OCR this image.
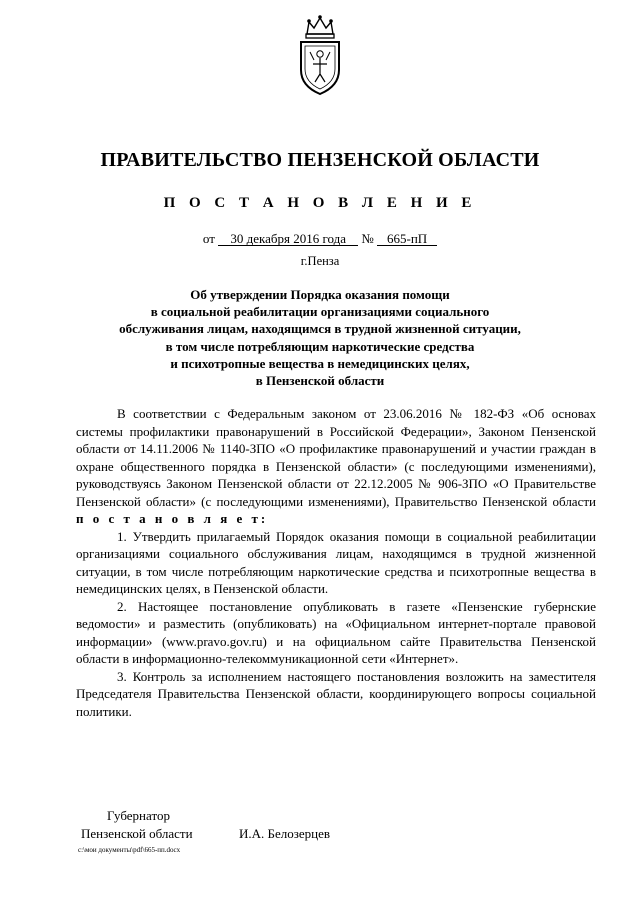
ПРАВИТЕЛЬСТВО ПЕНЗЕНСКОЙ ОБЛАСТИ
П О С Т А Н О В Л Е Н И Е
от 30 декабря 2016 года № 665-пП
г.Пенза
Об утверждении Порядка оказания помощи
в социальной реабилитации организациями социального
обслуживания лицам, находящимся в трудной жизненной ситуации,
в том числе потребляющим наркотические средства
и психотропные вещества в немедицинских целях,
в Пензенской области

В соответствии с Федеральным законом от 23.06.2016 № 182-ФЗ «Об основах системы профилактики правонарушений в Российской Федерации», Законом Пензенской области от 14.11.2006 № 1140-ЗПО «О профилактике правонарушений и участии граждан в охране общественного порядка в Пензенской области» (с последующими изменениями), руководствуясь Законом Пензенской области от 22.12.2005 № 906-ЗПО «О Правительстве Пензенской области» (с последующими изменениями), Правительство Пензенской области п о с т а н о в л я е т:

1. Утвердить прилагаемый Порядок оказания помощи в социальной реабилитации организациями социального обслуживания лицам, находящимся в трудной жизненной ситуации, в том числе потребляющим наркотические средства и психотропные вещества в немедицинских целях, в Пензенской области.

2. Настоящее постановление опубликовать в газете «Пензенские губернские ведомости» и разместить (опубликовать) на «Официальном интернет-портале правовой информации» (www.pravo.gov.ru) и на официальном сайте Правительства Пензенской области в информационно-телекоммуникационной сети «Интернет».

3. Контроль за исполнением настоящего постановления возложить на заместителя Председателя Правительства Пензенской области, координирующего вопросы социальной политики.

Губернатор
Пензенской области	И.А. Белозерцев
c:\мои документы\pdf\665-пп.docx
